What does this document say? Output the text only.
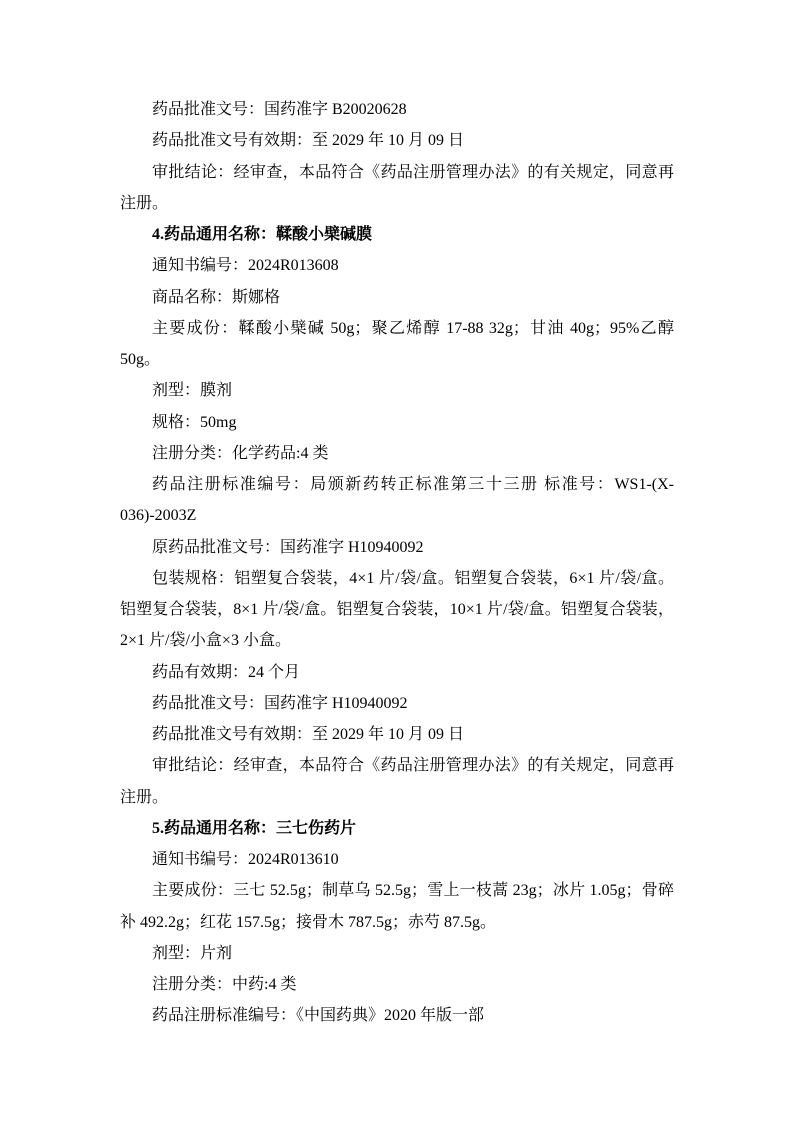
药品批准文号：国药准字 B20020628

药品批准文号有效期：至 2029 年 10 月 09 日

审批结论：经审查，本品符合《药品注册管理办法》的有关规定，同意再注册。

4.药品通用名称：鞣酸小檗碱膜

通知书编号：2024R013608

商品名称：斯娜格

主要成份：鞣酸小檗碱 50g；聚乙烯醇 17-88 32g；甘油 40g；95%乙醇 50g。

剂型：膜剂

规格：50mg

注册分类：化学药品:4 类

药品注册标准编号：局颁新药转正标准第三十三册 标准号：WS1-(X-036)-2003Z

原药品批准文号：国药准字 H10940092

包装规格：铝塑复合袋装，4×1 片/袋/盒。铝塑复合袋装，6×1 片/袋/盒。铝塑复合袋装，8×1 片/袋/盒。铝塑复合袋装，10×1 片/袋/盒。铝塑复合袋装，2×1 片/袋/小盒×3 小盒。

药品有效期：24 个月

药品批准文号：国药准字 H10940092

药品批准文号有效期：至 2029 年 10 月 09 日

审批结论：经审查，本品符合《药品注册管理办法》的有关规定，同意再注册。

5.药品通用名称：三七伤药片

通知书编号：2024R013610

主要成份：三七 52.5g；制草乌 52.5g；雪上一枝蒿 23g；冰片 1.05g；骨碎补 492.2g；红花 157.5g；接骨木 787.5g；赤芍 87.5g。

剂型：片剂

注册分类：中药:4 类

药品注册标准编号：《中国药典》2020 年版一部
